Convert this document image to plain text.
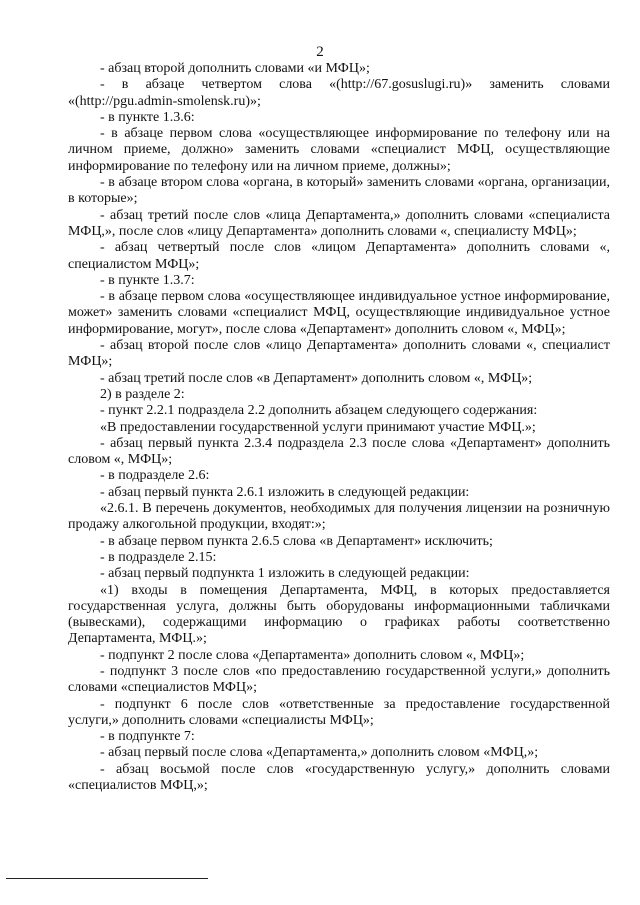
2

- абзац второй дополнить словами «и МФЦ»;

- в абзаце четвертом слова «(http://67.gosuslugi.ru)» заменить словами «(http://pgu.admin-smolensk.ru)»;

- в пункте 1.3.6:

- в абзаце первом слова «осуществляющее информирование по телефону или на личном приеме, должно» заменить словами «специалист МФЦ, осуществляющие информирование по телефону или на личном приеме, должны»;

- в абзаце втором слова «органа, в который» заменить словами «органа, организации, в которые»;

- абзац третий после слов «лица Департамента,» дополнить словами «специалиста МФЦ,», после слов «лицу Департамента» дополнить словами «, специалисту МФЦ»;

- абзац четвертый после слов «лицом Департамента» дополнить словами «, специалистом МФЦ»;

- в пункте 1.3.7:

- в абзаце первом слова «осуществляющее индивидуальное устное информирование, может» заменить словами «специалист МФЦ, осуществляющие индивидуальное устное информирование, могут», после слова «Департамент» дополнить словом «, МФЦ»;

- абзац второй после слов «лицо Департамента» дополнить словами «, специалист МФЦ»;

- абзац третий после слов «в Департамент» дополнить словом «, МФЦ»;

2) в разделе 2:

- пункт 2.2.1 подраздела 2.2 дополнить абзацем следующего содержания:

«В предоставлении государственной услуги принимают участие МФЦ.»;

- абзац первый пункта 2.3.4 подраздела 2.3 после слова «Департамент» дополнить словом «, МФЦ»;

- в подразделе 2.6:

- абзац первый пункта 2.6.1 изложить в следующей редакции:

«2.6.1. В перечень документов, необходимых для получения лицензии на розничную продажу алкогольной продукции, входят:»;

- в абзаце первом пункта 2.6.5 слова «в Департамент» исключить;

- в подразделе 2.15:

- абзац первый подпункта 1 изложить в следующей редакции:

«1) входы в помещения Департамента, МФЦ, в которых предоставляется государственная услуга, должны быть оборудованы информационными табличками (вывесками), содержащими информацию о графиках работы соответственно Департамента, МФЦ.»;

- подпункт 2 после слова «Департамента» дополнить словом «, МФЦ»;

- подпункт 3 после слов «по предоставлению государственной услуги,» дополнить словами «специалистов МФЦ»;

- подпункт 6 после слов «ответственные за предоставление государственной услуги,» дополнить словами «специалисты МФЦ»;

- в подпункте 7:

- абзац первый после слова «Департамента,» дополнить словом «МФЦ,»;

- абзац восьмой после слов «государственную услугу,» дополнить словами «специалистов МФЦ,»;
